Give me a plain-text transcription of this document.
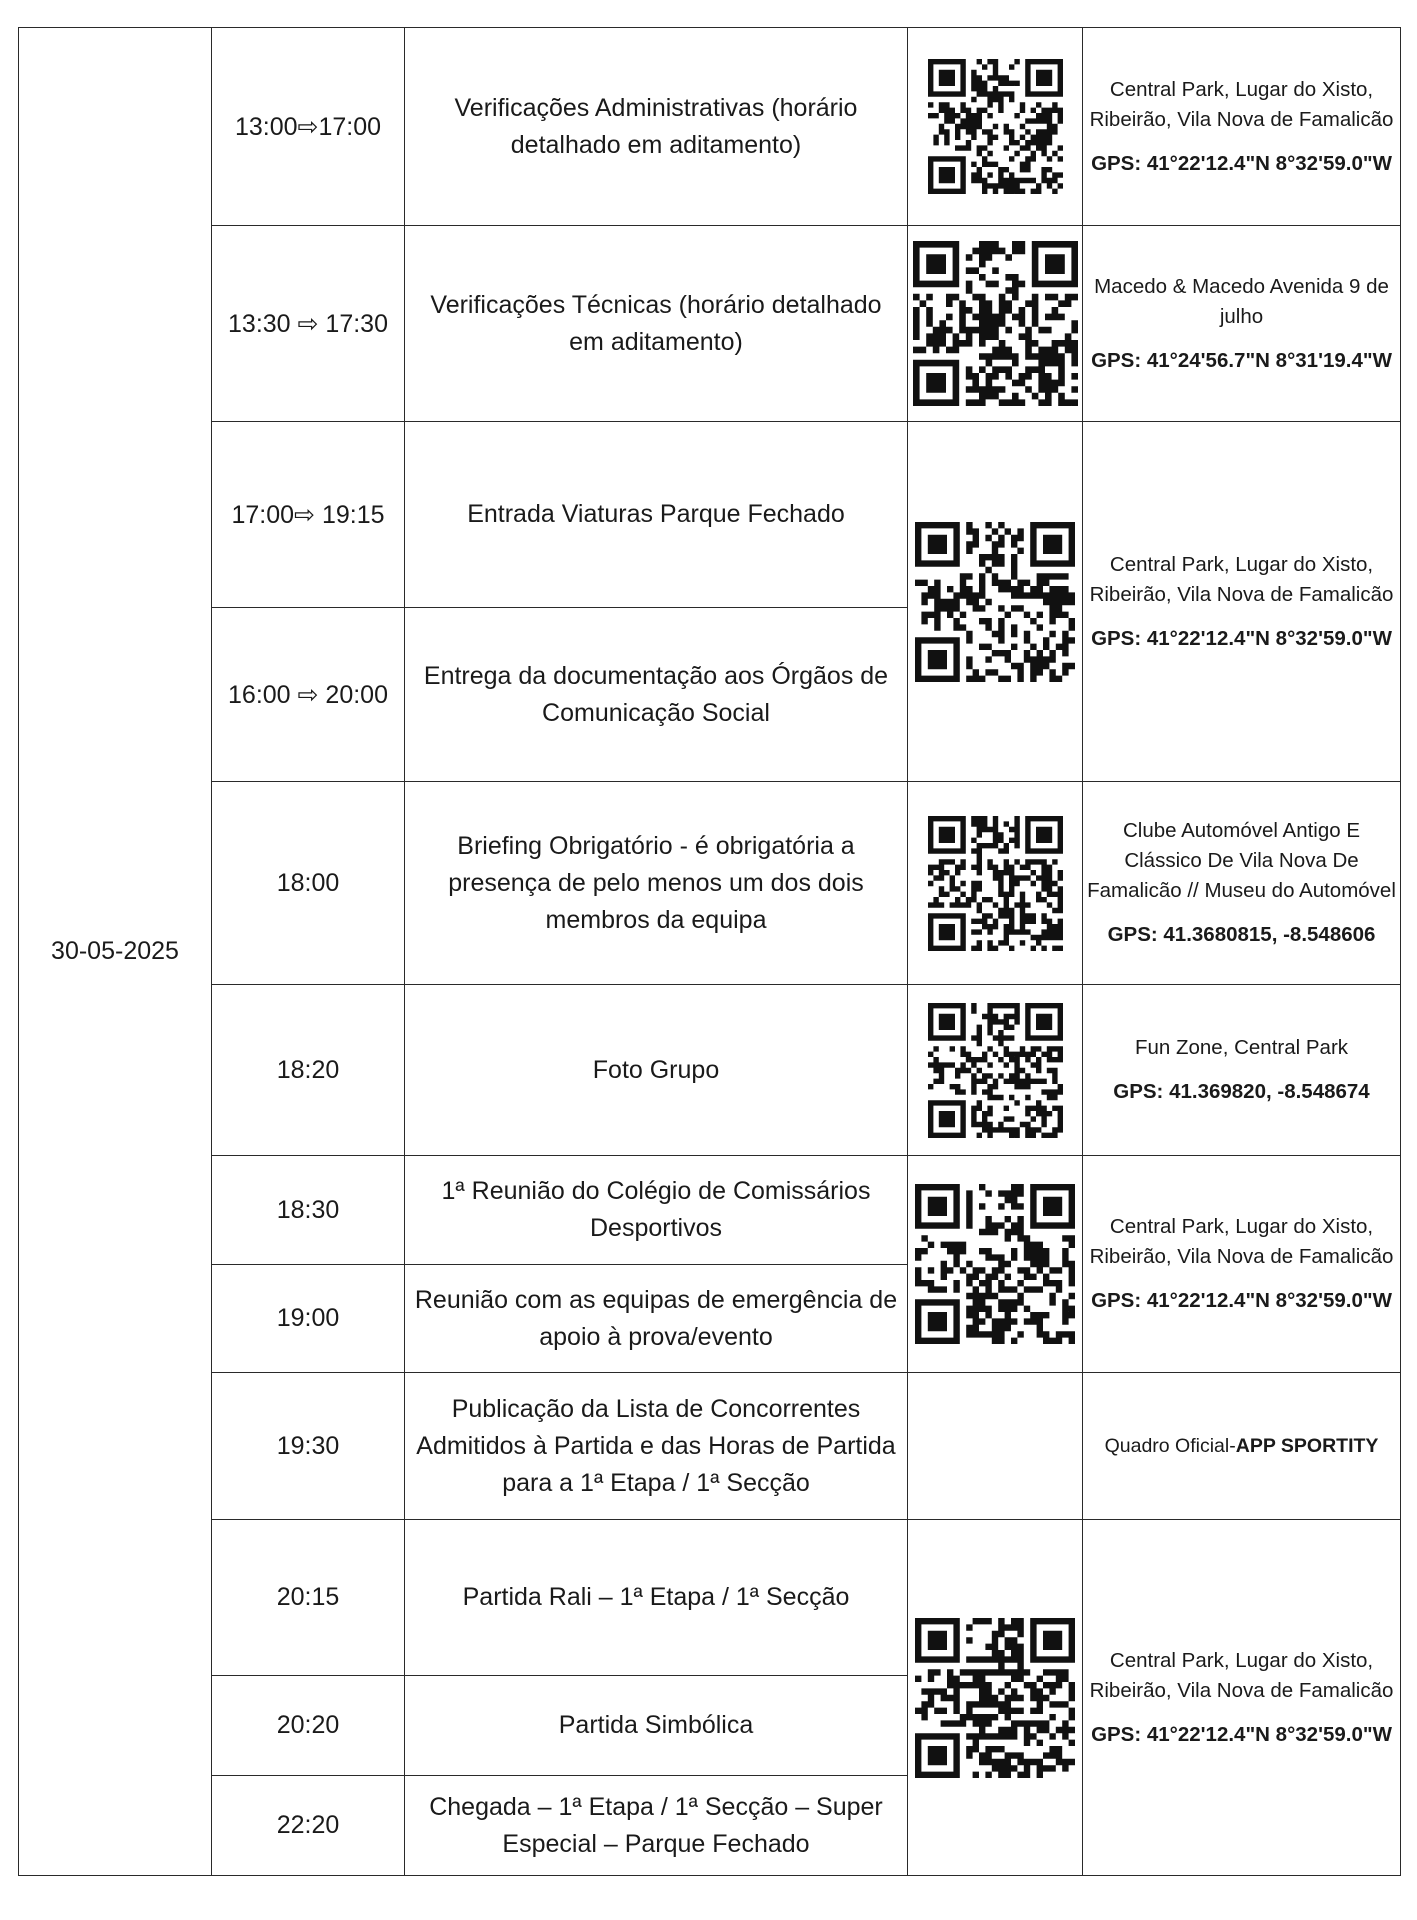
30-05-2025	13:00⇨17:00	Verificações Administrativas (horário detalhado em aditamento)		Central Park, Lugar do Xisto, Ribeirão, Vila Nova de Famalicão
GPS: 41°22'12.4"N 8°32'59.0"W

	13:30 ⇨ 17:30	Verificações Técnicas (horário detalhado em aditamento)		Macedo & Macedo Avenida 9 de julho
GPS: 41°24'56.7"N 8°31'19.4"W

	17:00⇨ 19:15	Entrada Viaturas Parque Fechado		Central Park, Lugar do Xisto, Ribeirão, Vila Nova de Famalicão
GPS: 41°22'12.4"N 8°32'59.0"W

	16:00 ⇨ 20:00	Entrega da documentação aos Órgãos de Comunicação Social		
	18:00	Briefing Obrigatório - é obrigatória a presença de pelo menos um dos dois membros da equipa		Clube Automóvel Antigo E Clássico De Vila Nova De Famalicão // Museu do Automóvel
GPS: 41.3680815, -8.548606

	18:20	Foto Grupo		Fun Zone, Central Park
GPS: 41.369820, -8.548674

	18:30	1ª Reunião do Colégio de Comissários Desportivos		Central Park, Lugar do Xisto, Ribeirão, Vila Nova de Famalicão
GPS: 41°22'12.4"N 8°32'59.0"W

	19:00	Reunião com as equipas de emergência de apoio à prova/evento		
	19:30	Publicação da Lista de Concorrentes Admitidos à Partida e das Horas de Partida para a 1ª Etapa / 1ª Secção		Quadro Oficial-APP SPORTITY
	20:15	Partida Rali – 1ª Etapa / 1ª Secção		Central Park, Lugar do Xisto, Ribeirão, Vila Nova de Famalicão
GPS: 41°22'12.4"N 8°32'59.0"W

	20:20	Partida Simbólica		
	22:20	Chegada – 1ª Etapa / 1ª Secção – Super Especial – Parque Fechado		
